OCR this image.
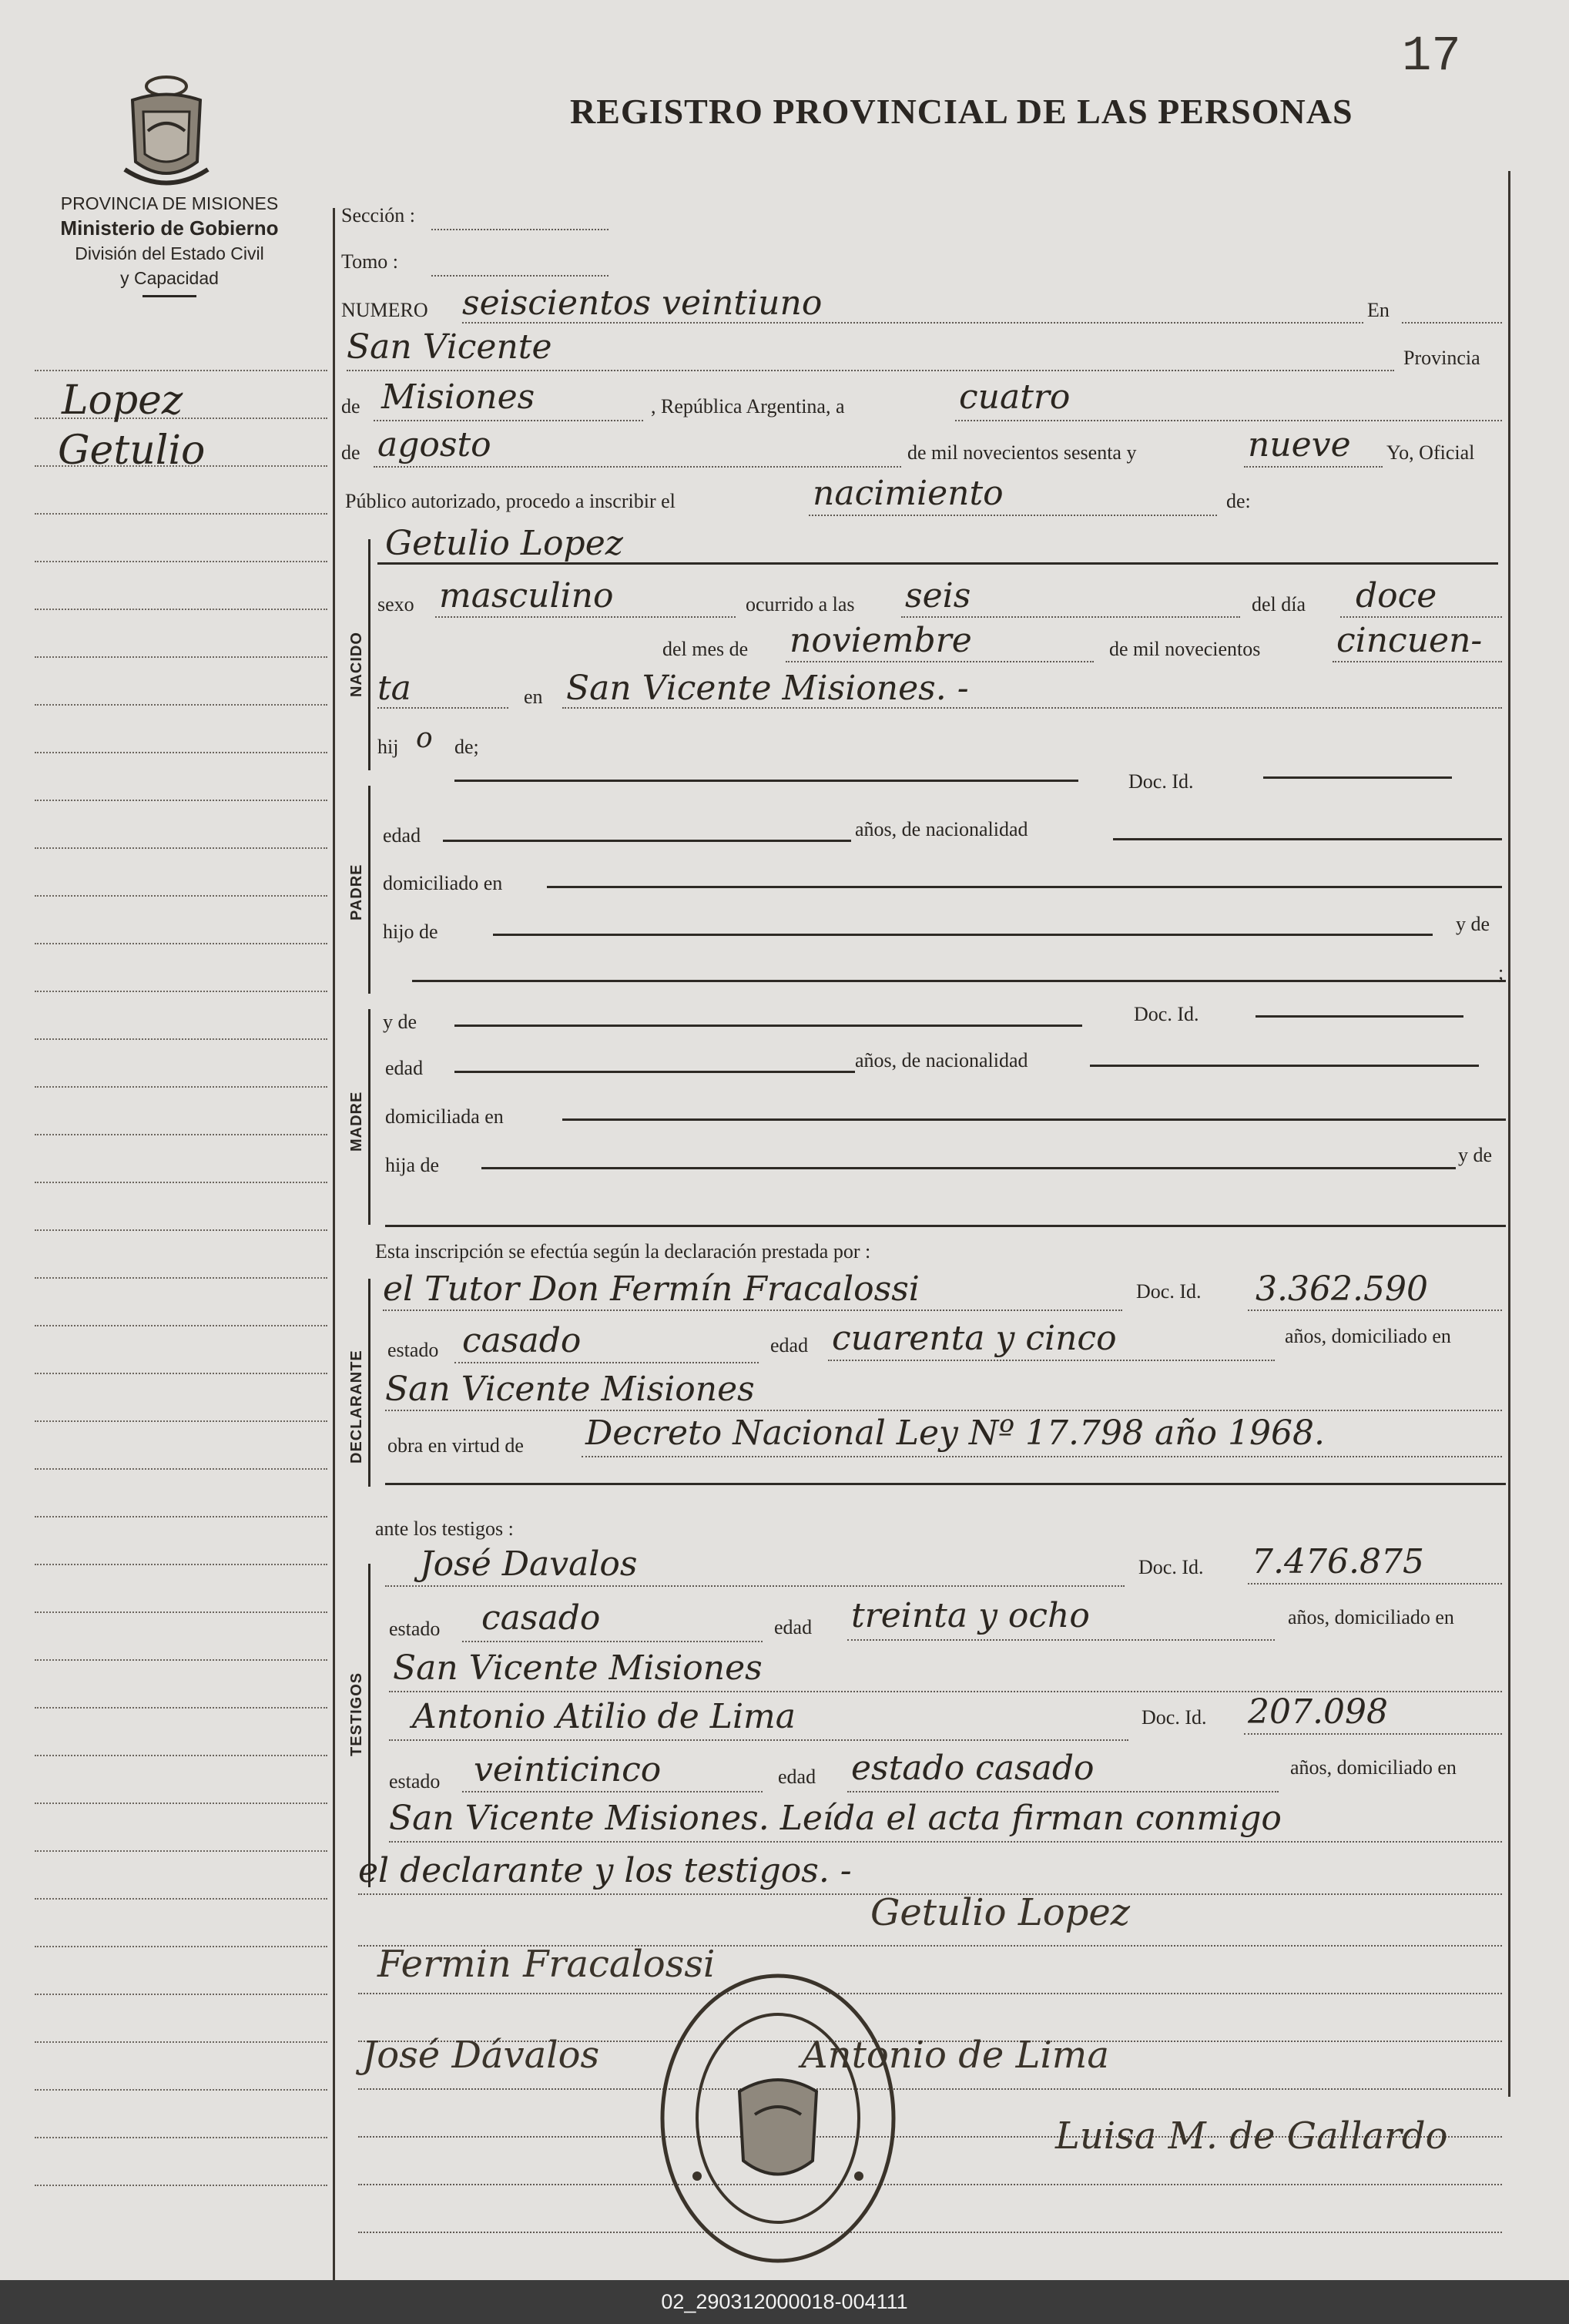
17
PROVINCIA DE MISIONES
Ministerio de Gobierno
División del Estado Civil
y Capacidad
REGISTRO PROVINCIAL DE LAS PERSONAS
Lopez
Getulio
Sección :
Tomo :
NUMERO seiscientos veintiuno	En
San Vicente	Provincia
de Misiones	, República Argentina, a	cuatro
de agosto	de mil novecientos sesenta y	nueve Yo, Oficial
Público autorizado, procedo a inscribir el	nacimiento	de:
NACIDO
Getulio Lopez
sexo masculino	ocurrido a las seis	del día doce
del mes de noviembre	de mil novecientos cincuen-
ta	en San Vicente Misiones. -
hij o de;
PADRE
Doc. Id.
edad	años, de nacionalidad
domiciliado en
hijo de	y de
;
MADRE
y de	Doc. Id.
edad	años, de nacionalidad
domiciliada en
hija de	y de
Esta inscripción se efectúa según la declaración prestada por :
DECLARANTE
el Tutor Don Fermín Fracalossi	Doc. Id. 3.362.590
estado casado	edad cuarenta y cinco	años, domiciliado en
San Vicente Misiones
obra en virtud de Decreto Nacional Ley Nº 17.798 año 1968.
ante los testigos :
TESTIGOS
José Davalos	Doc. Id. 7.476.875
estado casado	edad treinta y ocho	años, domiciliado en
San Vicente Misiones
Antonio Atilio de Lima	Doc. Id. 207.098
estado veinticinco	edad estado casado	años, domiciliado en
San Vicente Misiones. Leída el acta firman conmigo
el declarante y los testigos. -
Getulio Lopez
Fermin Fracalossi
José Dávalos	Antonio de Lima
Luisa M. de Gallardo
02_290312000018-004111
